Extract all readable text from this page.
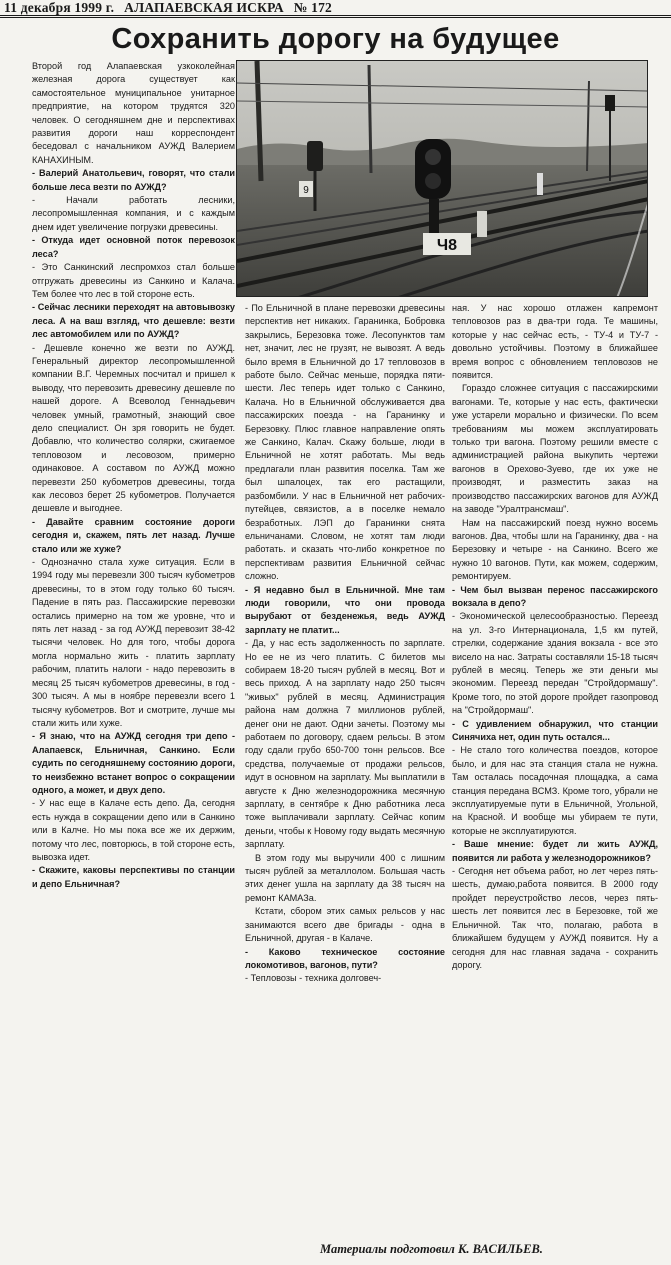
11 декабря 1999 г. АЛАПАЕВСКАЯ ИСКРА № 172
Сохранить дорогу на будущее

Второй год Алапаевская узкоколейная железная дорога существует как самостоятельное муниципальное унитарное предприятие, на котором трудятся 320 человек. О сегодняшнем дне и перспективах развития дороги наш корреспондент беседовал с начальником АУЖД Валерием КАНАХИНЫМ.

- Валерий Анатольевич, говорят, что стали больше леса везти по АУЖД?

- Начали работать лесники, лесопромышленная компания, и с каждым днем идет увеличение погрузки древесины.

- Откуда идет основной поток перевозок леса?

- Это Санкинский леспромхоз стал больше отгружать древесины из Санкино и Калача. Тем более что лес в той стороне есть.

- Сейчас лесники переходят на автовывозку леса. А на ваш взгляд, что дешевле: везти лес автомобилем или по АУЖД?

- Дешевле конечно же везти по АУЖД. Генеральный директор лесопромышленной компании В.Г. Черемных посчитал и пришел к выводу, что перевозить древесину дешевле по нашей дороге. А Всеволод Геннадьевич человек умный, грамотный, знающий свое дело специалист. Он зря говорить не будет. Добавлю, что количество солярки, сжигаемое тепловозом и лесовозом, примерно одинаковое. А составом по АУЖД можно перевезти 250 кубометров древесины, тогда как лесовоз берет 25 кубометров. Получается дешевле и выгоднее.

- Давайте сравним состояние дороги сегодня и, скажем, пять лет назад. Лучше стало или же хуже?

- Однозначно стала хуже ситуация. Если в 1994 году мы перевезли 300 тысяч кубометров древесины, то в этом году только 60 тысяч. Падение в пять раз. Пассажирские перевозки остались примерно на том же уровне, что и пять лет назад - за год АУЖД перевозит 38-42 тысячи человек. Но для того, чтобы дорога могла нормально жить - платить зарплату рабочим, платить налоги - надо перевозить в месяц 25 тысяч кубометров древесины, в год - 300 тысяч. А мы в ноябре перевезли всего 1 тысячу кубометров. Вот и смотрите, лучше мы стали жить или хуже.

- Я знаю, что на АУЖД сегодня три депо - Алапаевск, Ельничная, Санкино. Если судить по сегодняшнему состоянию дороги, то неизбежно встанет вопрос о сокращении одного, а может, и двух депо.

- У нас еще в Калаче есть депо. Да, сегодня есть нужда в сокращении депо или в Санкино или в Калче. Но мы пока все же их держим, потому что лес, повторюсь, в той стороне есть, вывозка идет.

- Скажите, каковы перспективы по станции и депо Ельничная?

Ч8
9

- По Ельничной в плане перевозки древесины перспектив нет никаких. Гаранинка, Бобровка закрылись, Березовка тоже. Лесопунктов там нет, значит, лес не грузят, не вывозят. А ведь было время в Ельничной до 17 тепловозов в работе было. Сейчас меньше, порядка пяти-шести. Лес теперь идет только с Санкино, Калача. Но в Ельничной обслуживается два пассажирских поезда - на Гаранинку и Березовку. Плюс главное направление опять же Санкино, Калач. Скажу больше, люди в Ельничной не хотят работать. Мы ведь предлагали план развития поселка. Там же был шпалоцех, так его растащили, разбомбили. У нас в Ельничной нет рабочих-путейцев, связистов, а в поселке немало безработных. ЛЭП до Гаранинки снята ельничанами. Словом, не хотят там люди работать. и сказать что-либо конкретное по перспективам развития Ельничной сейчас сложно.

- Я недавно был в Ельничной. Мне там люди говорили, что они провода вырубают от безденежья, ведь АУЖД зарплату не платит...

- Да, у нас есть задолженность по зарплате. Но ее не из чего платить. С билетов мы собираем 18-20 тысяч рублей в месяц. Вот и весь приход. А на зарплату надо 250 тысяч "живых" рублей в месяц. Администрация района нам должна 7 миллионов рублей, денег они не дают. Одни зачеты. Поэтому мы работаем по договору, сдаем рельсы. В этом году сдали грубо 650-700 тонн рельсов. Все средства, получаемые от продажи рельсов, идут в основном на зарплату. Мы выплатили в августе к Дню железнодорожника месячную зарплату, в сентябре к Дню работника леса тоже выплачивали зарплату. Сейчас копим деньги, чтобы к Новому году выдать месячную зарплату.

В этом году мы выручили 400 с лишним тысяч рублей за металлолом. Большая часть этих денег ушла на зарплату да 38 тысяч на ремонт КАМАЗа.

Кстати, сбором этих самых рельсов у нас занимаются всего две бригады - одна в Ельничной, другая - в Калаче.

- Каково техническое состояние локомотивов, вагонов, пути?

- Тепловозы - техника долговеч-

ная. У нас хорошо отлажен капремонт тепловозов раз в два-три года. Те машины, которые у нас сейчас есть, - ТУ-4 и ТУ-7 - довольно устойчивы. Поэтому в ближайшее время вопрос с обновлением тепловозов не появится.

Гораздо сложнее ситуация с пассажирскими вагонами. Те, которые у нас есть, фактически уже устарели морально и физически. По всем требованиям мы можем эксплуатировать только три вагона. Поэтому решили вместе с администрацией района выкупить чертежи вагонов в Орехово-Зуево, где их уже не производят, и разместить заказ на производство пассажирских вагонов для АУЖД на заводе "Уралтрансмаш".

Нам на пассажирский поезд нужно восемь вагонов. Два, чтобы шли на Гаранинку, два - на Березовку и четыре - на Санкино. Всего же нужно 10 вагонов. Пути, как можем, содержим, ремонтируем.

- Чем был вызван перенос пассажирского вокзала в депо?

- Экономической целесообразностью. Переезд на ул. 3-го Интернационала, 1,5 км путей, стрелки, содержание здания вокзала - все это висело на нас. Затраты составляли 15-18 тысяч рублей в месяц. Теперь же эти деньги мы экономим. Переезд передан "Стройдормашу". Кроме того, по этой дороге пройдет газопровод на "Стройдормаш".

- С удивлением обнаружил, что станции Синячиха нет, один путь остался...

- Не стало того количества поездов, которое было, и для нас эта станция стала не нужна. Там осталась посадочная площадка, а сама станция передана ВСМЗ. Кроме того, убрали не эксплуатируемые пути в Ельничной, Угольной, на Красной. И вообще мы убираем те пути, которые не эксплуатируются.

- Ваше мнение: будет ли жить АУЖД, появится ли работа у железнодорожников?

- Сегодня нет объема работ, но лет через пять-шесть, думаю,работа появится. В 2000 году пройдет переустройство лесов, через пять-шесть лет появится лес в Березовке, той же Ельничной. Так что, полагаю, работа в ближайшем будущем у АУЖД появится. Ну а сегодня для нас главная задача - сохранить дорогу.

Материалы подготовил К. ВАСИЛЬЕВ.
